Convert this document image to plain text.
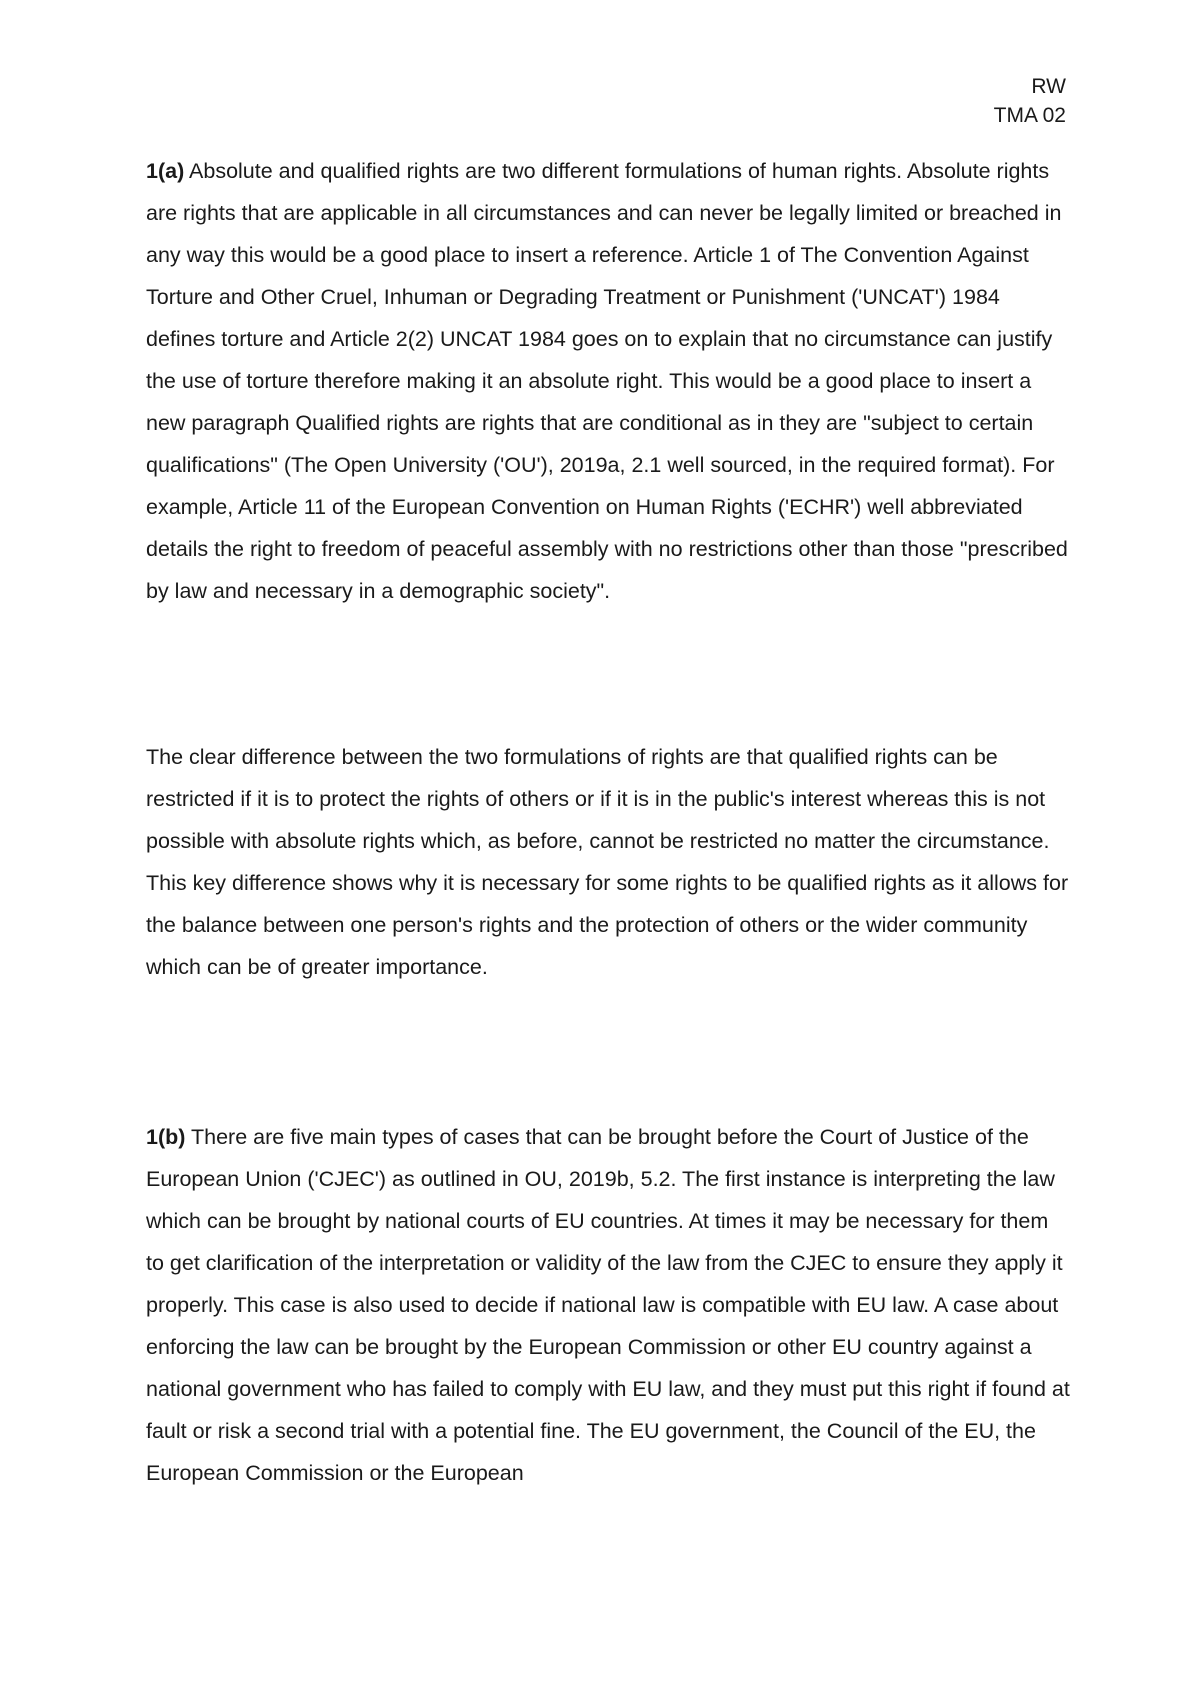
RW
TMA 02

1(a) Absolute and qualified rights are two different formulations of human rights. Absolute rights are rights that are applicable in all circumstances and can never be legally limited or breached in any way this would be a good place to insert a reference. Article 1 of The Convention Against Torture and Other Cruel, Inhuman or Degrading Treatment or Punishment ('UNCAT') 1984 defines torture and Article 2(2) UNCAT 1984 goes on to explain that no circumstance can justify the use of torture therefore making it an absolute right. This would be a good place to insert a new paragraph Qualified rights are rights that are conditional as in they are "subject to certain qualifications" (The Open University ('OU'), 2019a, 2.1 well sourced, in the required format). For example, Article 11 of the European Convention on Human Rights ('ECHR') well abbreviated details the right to freedom of peaceful assembly with no restrictions other than those "prescribed by law and necessary in a demographic society".

The clear difference between the two formulations of rights are that qualified rights can be restricted if it is to protect the rights of others or if it is in the public's interest whereas this is not possible with absolute rights which, as before, cannot be restricted no matter the circumstance. This key difference shows why it is necessary for some rights to be qualified rights as it allows for the balance between one person's rights and the protection of others or the wider community which can be of greater importance.

1(b) There are five main types of cases that can be brought before the Court of Justice of the European Union ('CJEC') as outlined in OU, 2019b, 5.2. The first instance is interpreting the law which can be brought by national courts of EU countries. At times it may be necessary for them to get clarification of the interpretation or validity of the law from the CJEC to ensure they apply it properly. This case is also used to decide if national law is compatible with EU law. A case about enforcing the law can be brought by the European Commission or other EU country against a national government who has failed to comply with EU law, and they must put this right if found at fault or risk a second trial with a potential fine. The EU government, the Council of the EU, the European Commission or the European
